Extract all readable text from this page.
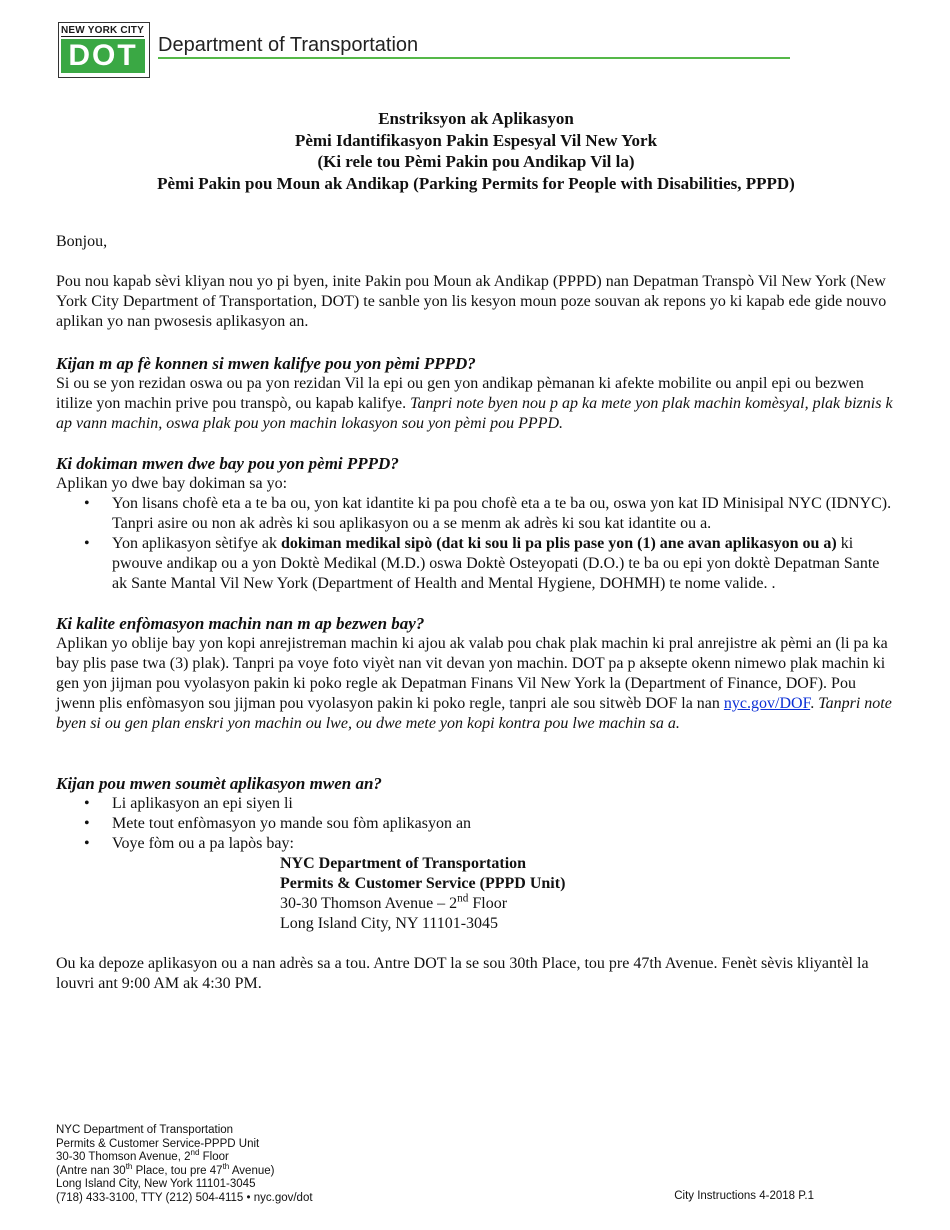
NEW YORK CITY
DOT	Department of Transportation
Enstriksyon ak Aplikasyon
Pèmi Idantifikasyon Pakin Espesyal Vil New York
(Ki rele tou Pèmi Pakin pou Andikap Vil la)
Pèmi Pakin pou Moun ak Andikap (Parking Permits for People with Disabilities, PPPD)

Bonjou,

Pou nou kapab sèvi kliyan nou yo pi byen, inite Pakin pou Moun ak Andikap (PPPD) nan Depatman Transpò Vil New York (New York City Department of Transportation, DOT) te sanble yon lis kesyon moun poze souvan ak repons yo ki kapab ede gide nouvo aplikan yo nan pwosesis aplikasyon an.

Kijan m ap fè konnen si mwen kalifye pou yon pèmi PPPD?

Si ou se yon rezidan oswa ou pa yon rezidan Vil la epi ou gen yon andikap pèmanan ki afekte mobilite ou anpil epi ou bezwen itilize yon machin prive pou transpò, ou kapab kalifye. Tanpri note byen nou p ap ka mete yon plak machin komèsyal, plak biznis k ap vann machin, oswa plak pou yon machin lokasyon sou yon pèmi pou PPPD.

Ki dokiman mwen dwe bay pou yon pèmi PPPD?

Aplikan yo dwe bay dokiman sa yo:

• Yon lisans chofè eta a te ba ou, yon kat idantite ki pa pou chofè eta a te ba ou, oswa yon kat ID Minisipal NYC (IDNYC). Tanpri asire ou non ak adrès ki sou aplikasyon ou a se menm ak adrès ki sou kat idantite ou a.
• Yon aplikasyon sètifye ak dokiman medikal sipò (dat ki sou li pa plis pase yon (1) ane avan aplikasyon ou a) ki pwouve andikap ou a yon Doktè Medikal (M.D.) oswa Doktè Osteyopati (D.O.) te ba ou epi yon doktè Depatman Sante ak Sante Mantal Vil New York (Department of Health and Mental Hygiene, DOHMH) te nome valide. .

Ki kalite enfòmasyon machin nan m ap bezwen bay?

Aplikan yo oblije bay yon kopi anrejistreman machin ki ajou ak valab pou chak plak machin ki pral anrejistre ak pèmi an (li pa ka bay plis pase twa (3) plak). Tanpri pa voye foto viyèt nan vit devan yon machin. DOT pa p aksepte okenn nimewo plak machin ki gen yon jijman pou vyolasyon pakin ki poko regle ak Depatman Finans Vil New York la (Department of Finance, DOF). Pou jwenn plis enfòmasyon sou jijman pou vyolasyon pakin ki poko regle, tanpri ale sou sitwèb DOF la nan nyc.gov/DOF. Tanpri note byen si ou gen plan enskri yon machin ou lwe, ou dwe mete yon kopi kontra pou lwe machin sa a.

Kijan pou mwen soumèt aplikasyon mwen an?

• Li aplikasyon an epi siyen li
• Mete tout enfòmasyon yo mande sou fòm aplikasyon an
• Voye fòm ou a pa lapòs bay:
NYC Department of Transportation
Permits & Customer Service (PPPD Unit)
30-30 Thomson Avenue – 2nd Floor
Long Island City, NY 11101-3045

Ou ka depoze aplikasyon ou a nan adrès sa a tou. Antre DOT la se sou 30th Place, tou pre 47th Avenue. Fenèt sèvis kliyantèl la louvri ant 9:00 AM ak 4:30 PM.

NYC Department of Transportation
Permits & Customer Service-PPPD Unit
30-30 Thomson Avenue, 2nd Floor
(Antre nan 30th Place, tou pre 47th Avenue)
Long Island City, New York 11101-3045
(718) 433-3100, TTY (212) 504-4115 • nyc.gov/dot	City Instructions 4-2018 P.1
